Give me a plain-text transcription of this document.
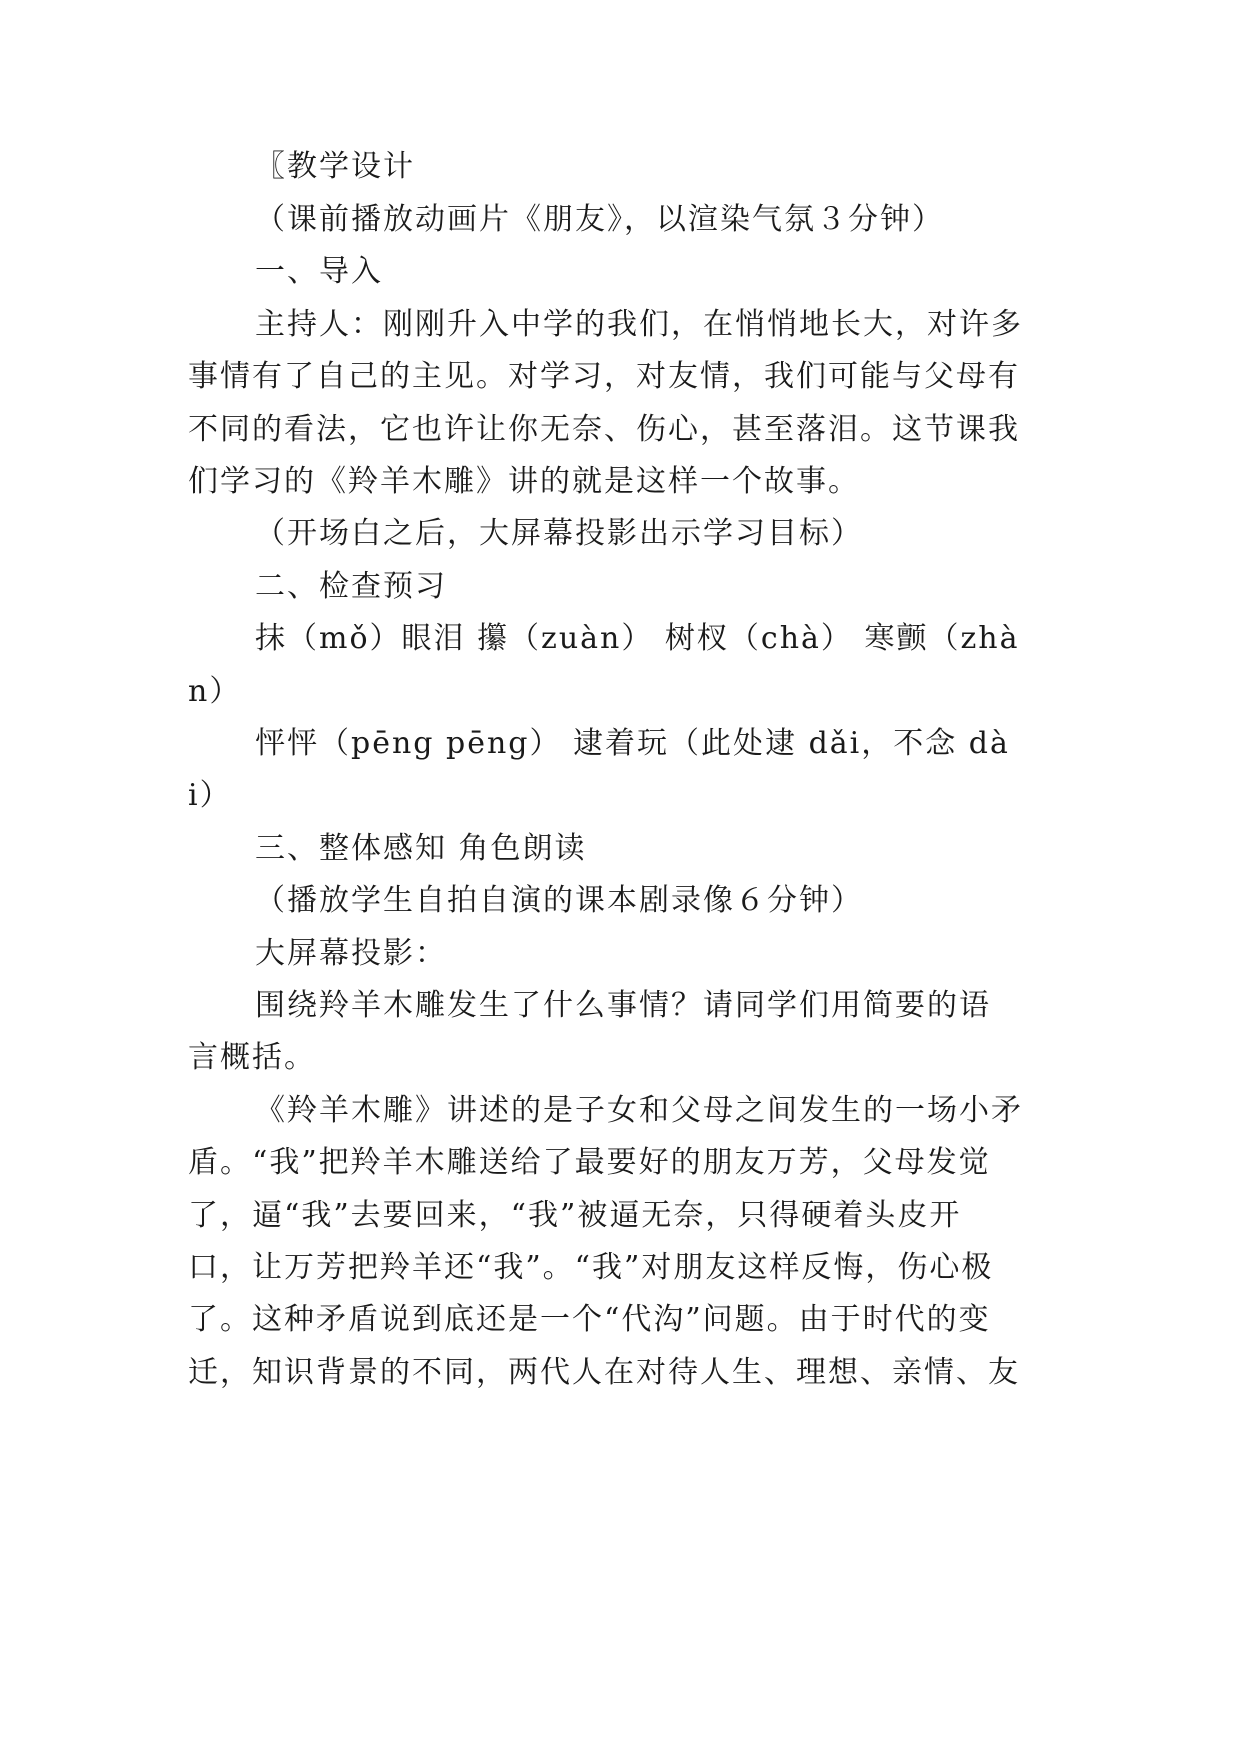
〖教学设计
（课前播放动画片《朋友》，以渲染气氛３分钟）
一、导入
主持人：刚刚升入中学的我们，在悄悄地长大，对许多
事情有了自己的主见。对学习，对友情，我们可能与父母有
不同的看法，它也许让你无奈、伤心，甚至落泪。这节课我
们学习的《羚羊木雕》讲的就是这样一个故事。
（开场白之后，大屏幕投影出示学习目标）
二、检查预习
抹（mǒ）眼泪 攥（zuàn） 树杈（chà） 寒颤（zhà
n）
怦怦（pēng pēng） 逮着玩（此处逮 dǎi，不念 dà
i）
三、整体感知 角色朗读
（播放学生自拍自演的课本剧录像６分钟）
大屏幕投影：
围绕羚羊木雕发生了什么事情？请同学们用简要的语
言概括。
《羚羊木雕》讲述的是子女和父母之间发生的一场小矛
盾。“我”把羚羊木雕送给了最要好的朋友万芳，父母发觉
了，逼“我”去要回来，“我”被逼无奈，只得硬着头皮开
口，让万芳把羚羊还“我”。“我”对朋友这样反悔，伤心极
了。这种矛盾说到底还是一个“代沟”问题。由于时代的变
迁，知识背景的不同，两代人在对待人生、理想、亲情、友
